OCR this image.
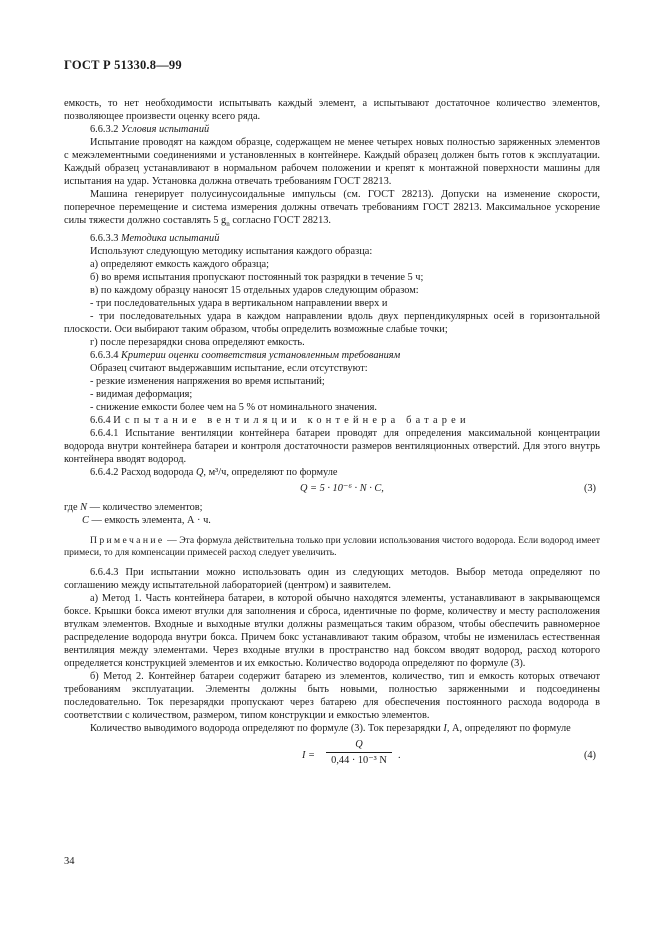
ГОСТ Р 51330.8—99

емкость, то нет необходимости испытывать каждый элемент, а испытывают достаточное количество элементов, позволяющее произвести оценку всего ряда.

6.6.3.2 Условия испытаний

Испытание проводят на каждом образце, содержащем не менее четырех новых полностью заряженных элементов с межэлементными соединениями и установленных в контейнере. Каждый образец должен быть готов к эксплуатации. Каждый образец устанавливают в нормальном рабочем положении и крепят к монтажной поверхности машины для испытания на удар. Установка должна отвечать требованиям ГОСТ 28213.

Машина генерирует полусинусоидальные импульсы (см. ГОСТ 28213). Допуски на изменение скорости, поперечное перемещение и система измерения должны отвечать требованиям ГОСТ 28213. Максимальное ускорение силы тяжести должно составлять 5 $g_n$ согласно ГОСТ 28213.

6.6.3.3 Методика испытаний

Используют следующую методику испытания каждого образца:

а) определяют емкость каждого образца;

б) во время испытания пропускают постоянный ток разрядки в течение 5 ч;

в) по каждому образцу наносят 15 отдельных ударов следующим образом:

- три последовательных удара в вертикальном направлении вверх и

- три последовательных удара в каждом направлении вдоль двух перпендикулярных осей в горизонтальной плоскости. Оси выбирают таким образом, чтобы определить возможные слабые точки;

г) после перезарядки снова определяют емкость.

6.6.3.4 Критерии оценки соответствия установленным требованиям

Образец считают выдержавшим испытание, если отсутствуют:

- резкие изменения напряжения во время испытаний;

- видимая деформация;

- снижение емкости более чем на 5 % от номинального значения.

6.6.4 Испытание вентиляции контейнера батареи

6.6.4.1 Испытание вентиляции контейнера батареи проводят для определения максимальной концентрации водорода внутри контейнера батареи и контроля достаточности размеров вентиляционных отверстий. Для этого внутрь контейнера вводят водород.

6.6.4.2 Расход водорода Q, м³/ч, определяют по формуле

Q = 5 · 10⁻⁶ · N · C,	(3)

где N — количество элементов;

C — емкость элемента, А · ч.

Примечание — Эта формула действительна только при условии использования чистого водорода. Если водород имеет примеси, то для компенсации примесей расход следует увеличить.

6.6.4.3 При испытании можно использовать один из следующих методов. Выбор метода определяют по соглашению между испытательной лабораторией (центром) и заявителем.

а) Метод 1. Часть контейнера батареи, в которой обычно находятся элементы, устанавливают в закрывающемся боксе. Крышки бокса имеют втулки для заполнения и сброса, идентичные по форме, количеству и месту расположения втулкам элементов. Входные и выходные втулки должны размещаться таким образом, чтобы обеспечить равномерное распределение водорода внутри бокса. Причем бокс устанавливают таким образом, чтобы не изменилась естественная вентиляция между элементами. Через входные втулки в пространство над боксом вводят водород, расход которого определяется конструкцией элементов и их емкостью. Количество водорода определяют по формуле (3).

б) Метод 2. Контейнер батареи содержит батарею из элементов, количество, тип и емкость которых отвечают требованиям эксплуатации. Элементы должны быть новыми, полностью заряженными и подсоединены последовательно. Ток перезарядки пропускают через батарею для обеспечения постоянного расхода водорода в соответствии с количеством, размером, типом конструкции и емкостью элементов.

Количество выводимого водорода определяют по формуле (3). Ток перезарядки I, А, определяют по формуле

$I = \frac{Q}{\text{0,44 · 10⁻³ N}}$ .	(4)
34
